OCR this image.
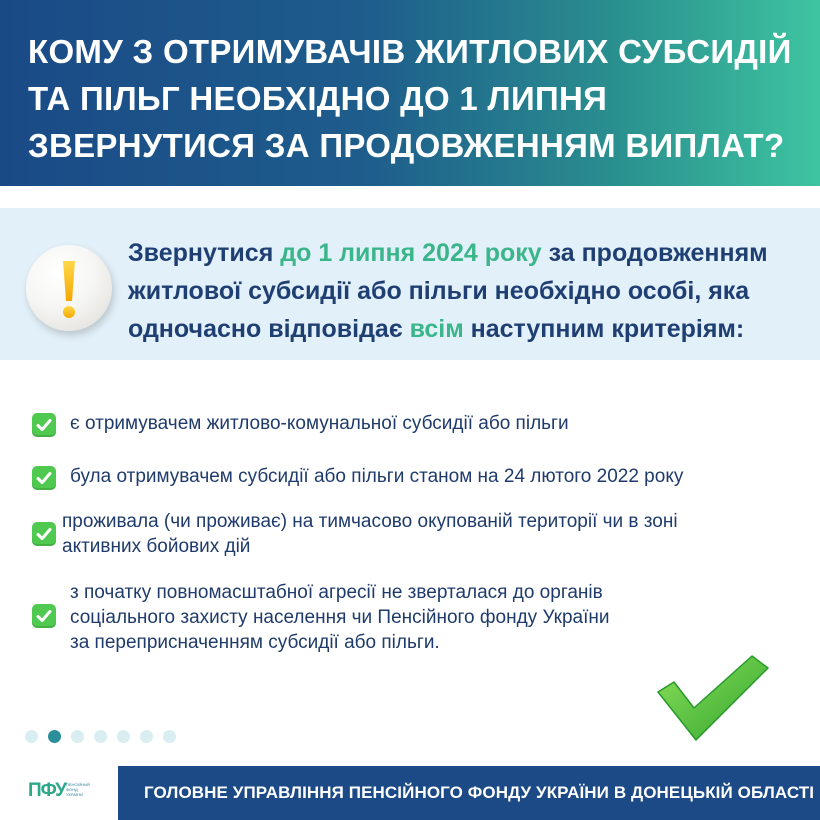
КОМУ З ОТРИМУВАЧІВ ЖИТЛОВИХ СУБСИДІЙ
ТА ПІЛЬГ НЕОБХІДНО ДО 1 ЛИПНЯ
ЗВЕРНУТИСЯ ЗА ПРОДОВЖЕННЯМ ВИПЛАТ?
Звернутися до 1 липня 2024 року за продовженням житлової субсидії або пільги необхідно особі, яка одночасно відповідає всім наступним критеріям:
є отримувачем житлово-комунальної субсидії або пільги
була отримувачем субсидії або пільги станом на 24 лютого 2022 року
проживала (чи проживає) на тимчасово окупованій території чи в зоні
активних бойових дій
з початку повномасштабної агресії не зверталася до органів
соціального захисту населення чи Пенсійного фонду України
за переприсначенням субсидії або пільги.
ПФУ ПЕНСІЙНИЙ
ФОНД
УКРАЇНИ	ГОЛОВНЕ УПРАВЛІННЯ ПЕНСІЙНОГО ФОНДУ УКРАЇНИ В ДОНЕЦЬКІЙ ОБЛАСТІ
